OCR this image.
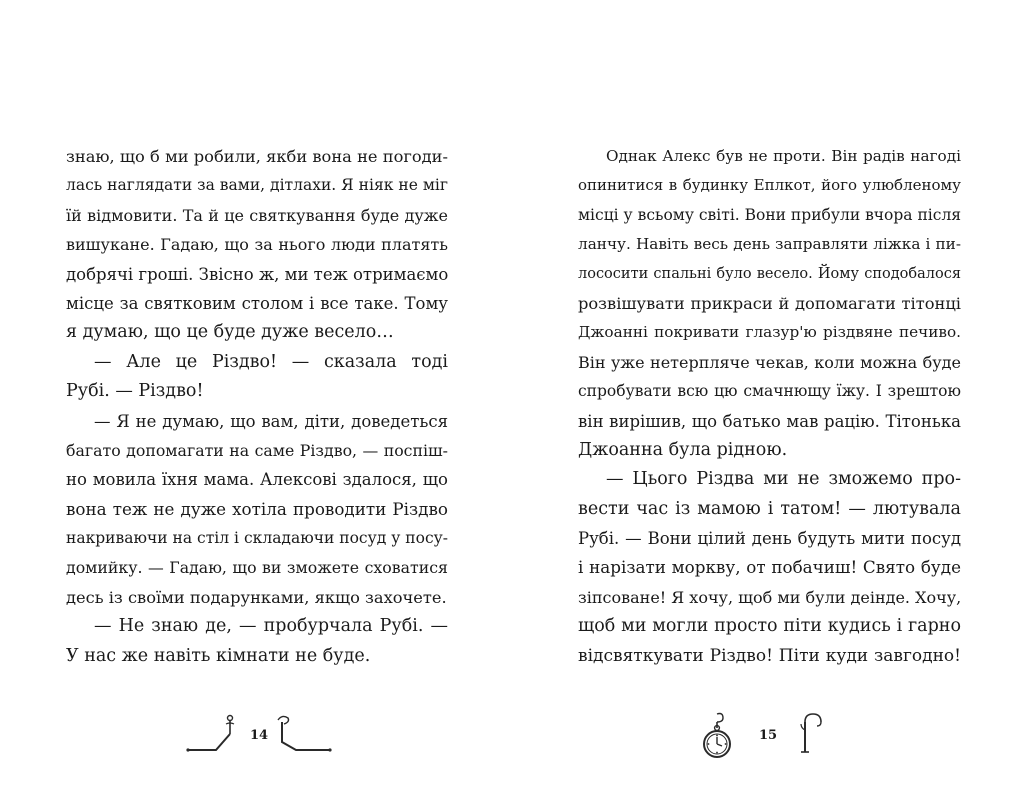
знаю, що б ми робили, якби вона не погоди-
лась наглядати за вами, дітлахи. Я ніяк не міг
їй відмовити. Та й це святкування буде дуже
вишукане. Гадаю, що за нього люди платять
добрячі гроші. Звісно ж, ми теж отримаємо
місце за святковим столом і все таке. Тому
я думаю, що це буде дуже весело…
— Але це Різдво! — сказала тоді
Рубі. — Різдво!
— Я не думаю, що вам, діти, доведеться
багато допомагати на саме Різдво, — поспіш-
но мовила їхня мама. Алексові здалося, що
вона теж не дуже хотіла проводити Різдво
накриваючи на стіл і складаючи посуд у посу-
домийку. — Гадаю, що ви зможете сховатися
десь із своїми подарунками, якщо захочете.
— Не знаю де, — пробурчала Рубі. —
У нас же навіть кімнати не буде.
14
Однак Алекс був не проти. Він радів нагоді
опинитися в будинку Еплкот, його улюбленому
місці у всьому світі. Вони прибули вчора після
ланчу. Навіть весь день заправляти ліжка і пи-
лососити спальні було весело. Йому сподобалося
розвішувати прикраси й допомагати тітонці
Джоанні покривати глазур'ю різдвяне печиво.
Він уже нетерпляче чекав, коли можна буде
спробувати всю цю смачнющу їжу. І зрештою
він вирішив, що батько мав рацію. Тітонька
Джоанна була рідною.
— Цього Різдва ми не зможемо про-
вести час із мамою і татом! — лютувала
Рубі. — Вони цілий день будуть мити посуд
і нарізати моркву, от побачиш! Свято буде
зіпсоване! Я хочу, щоб ми були деінде. Хочу,
щоб ми могли просто піти кудись і гарно
відсвяткувати Різдво! Піти куди завгодно!
15
